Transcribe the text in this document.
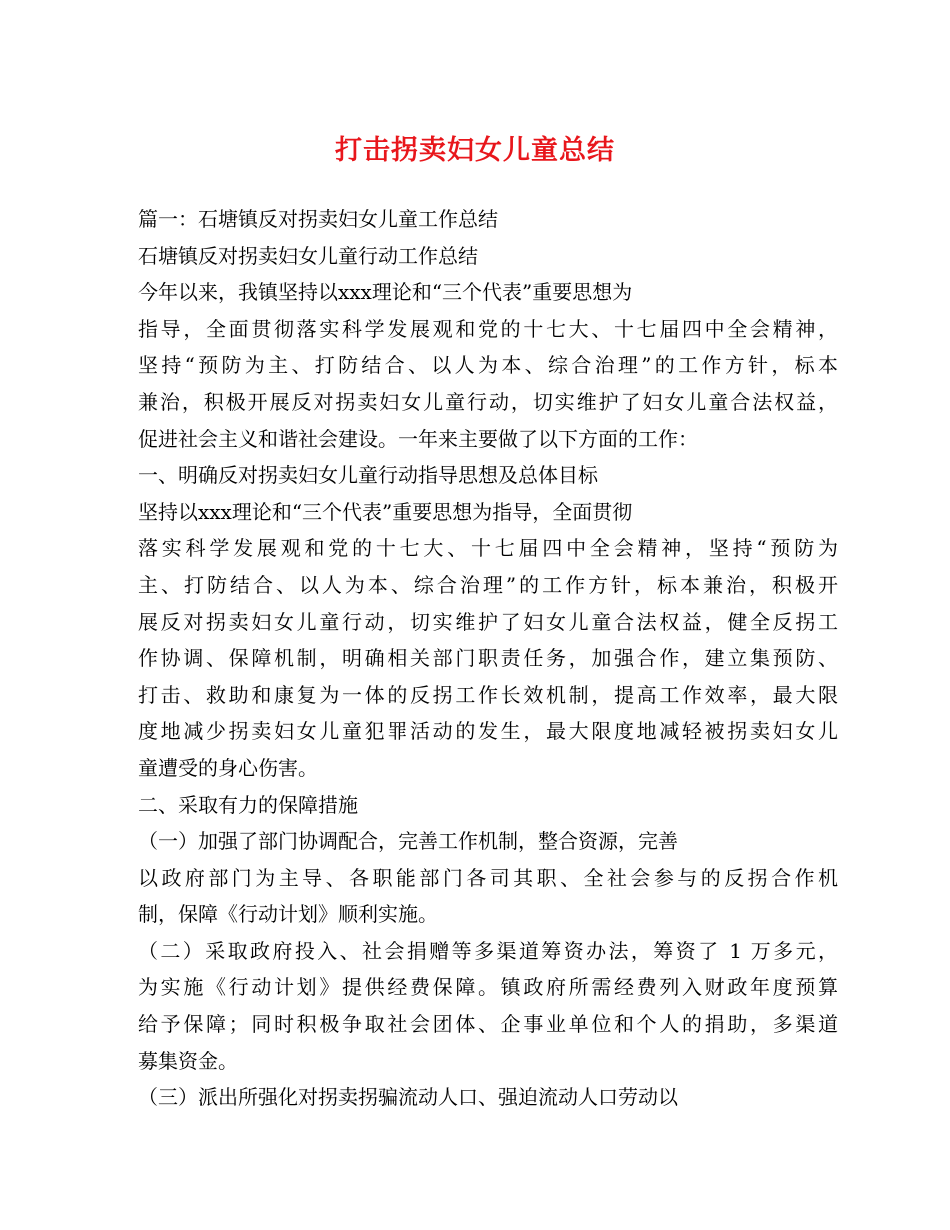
打击拐卖妇女儿童总结
篇一：石塘镇反对拐卖妇女儿童工作总结
石塘镇反对拐卖妇女儿童行动工作总结
今年以来，我镇坚持以xxx理论和“三个代表”重要思想为
指导，全面贯彻落实科学发展观和党的十七大、十七届四中全会精神，
坚持“预防为主、打防结合、以人为本、综合治理”的工作方针，标本
兼治，积极开展反对拐卖妇女儿童行动，切实维护了妇女儿童合法权益，
促进社会主义和谐社会建设。一年来主要做了以下方面的工作：
一、明确反对拐卖妇女儿童行动指导思想及总体目标
坚持以xxx理论和“三个代表”重要思想为指导，全面贯彻
落实科学发展观和党的十七大、十七届四中全会精神，坚持“预防为
主、打防结合、以人为本、综合治理”的工作方针，标本兼治，积极开
展反对拐卖妇女儿童行动，切实维护了妇女儿童合法权益，健全反拐工
作协调、保障机制，明确相关部门职责任务，加强合作，建立集预防、
打击、救助和康复为一体的反拐工作长效机制，提高工作效率，最大限
度地减少拐卖妇女儿童犯罪活动的发生，最大限度地减轻被拐卖妇女儿
童遭受的身心伤害。
二、采取有力的保障措施
（一）加强了部门协调配合，完善工作机制，整合资源，完善
以政府部门为主导、各职能部门各司其职、全社会参与的反拐合作机
制，保障《行动计划》顺利实施。
（二）采取政府投入、社会捐赠等多渠道筹资办法，筹资了 1 万多元，
为实施《行动计划》提供经费保障。镇政府所需经费列入财政年度预算
给予保障；同时积极争取社会团体、企事业单位和个人的捐助，多渠道
募集资金。
（三）派出所强化对拐卖拐骗流动人口、强迫流动人口劳动以
